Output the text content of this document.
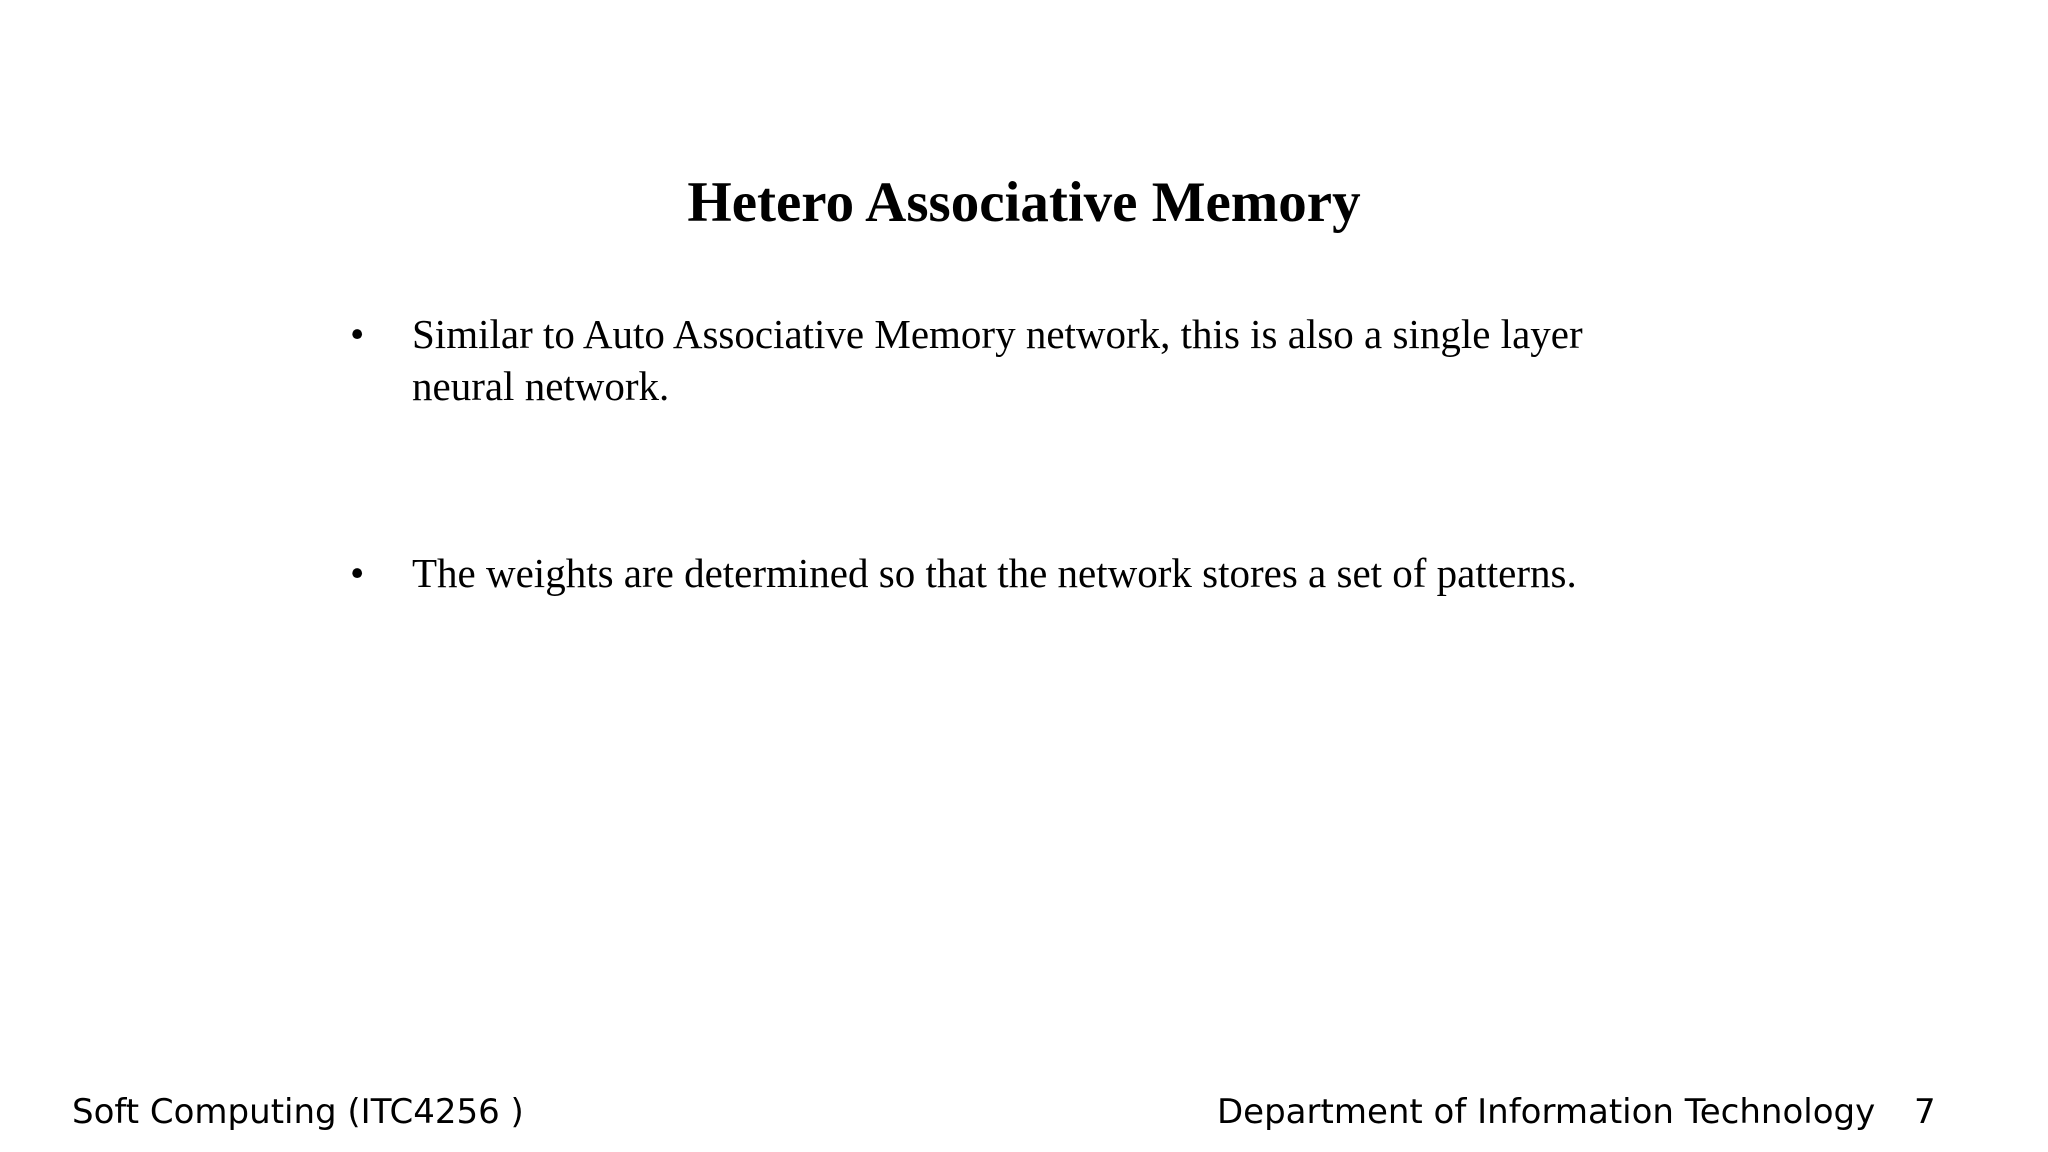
Hetero Associative Memory
•	Similar to Auto Associative Memory network, this is also a single layer neural network.
•	The weights are determined so that the network stores a set of patterns.
Soft Computing (ITC4256 )	Department of Information Technology 7
